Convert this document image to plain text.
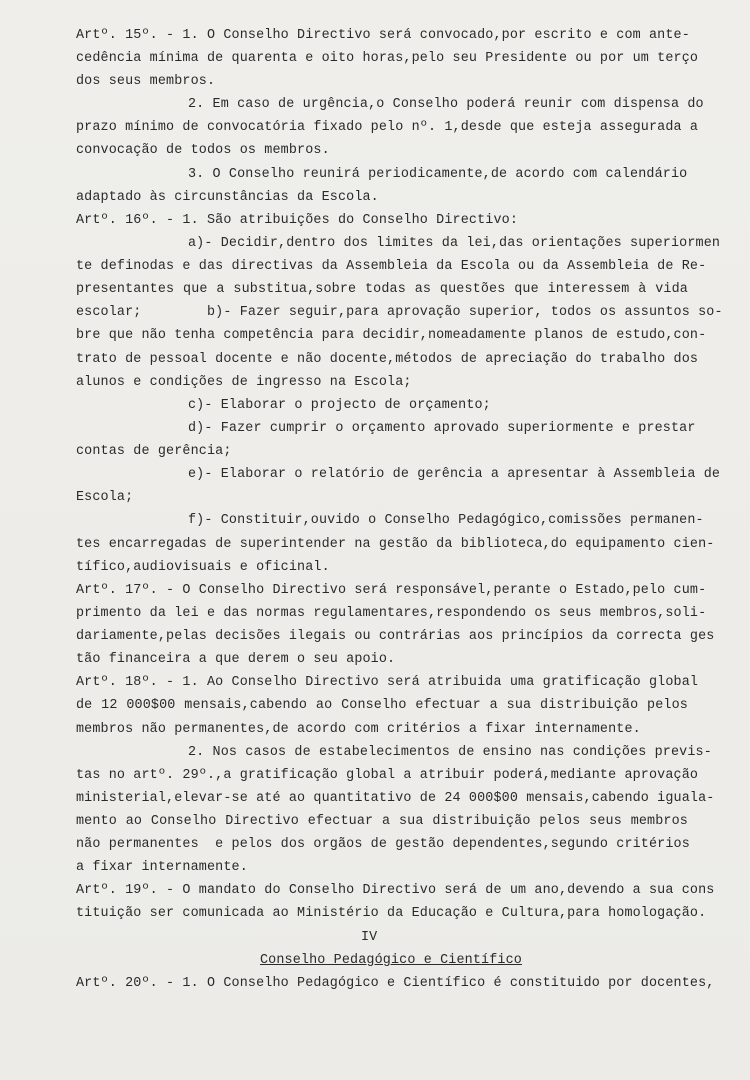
Artº. 15º. - 1. O Conselho Directivo será convocado,por escrito e com ante-
cedência mínima de quarenta e oito horas,pelo seu Presidente ou por um terço
dos seus membros.
2. Em caso de urgência,o Conselho poderá reunir com dispensa do
prazo mínimo de convocatória fixado pelo nº. 1,desde que esteja assegurada a
convocação de todos os membros.
3. O Conselho reunirá periodicamente,de acordo com calendário
adaptado às circunstâncias da Escola.
Artº. 16º. - 1. São atribuições do Conselho Directivo:
a)- Decidir,dentro dos limites da lei,das orientações superiormen
te definodas e das directivas da Assembleia da Escola ou da Assembleia de Re-
presentantes que a substitua,sobre todas as questões que interessem à vida
escolar;        b)- Fazer seguir,para aprovação superior, todos os assuntos so-
bre que não tenha competência para decidir,nomeadamente planos de estudo,con-
trato de pessoal docente e não docente,métodos de apreciação do trabalho dos
alunos e condições de ingresso na Escola;
c)- Elaborar o projecto de orçamento;
d)- Fazer cumprir o orçamento aprovado superiormente e prestar
contas de gerência;
e)- Elaborar o relatório de gerência a apresentar à Assembleia de
Escola;
f)- Constituir,ouvido o Conselho Pedagógico,comissões permanen-
tes encarregadas de superintender na gestão da biblioteca,do equipamento cien-
tífico,audiovisuais e oficinal.
Artº. 17º. - O Conselho Directivo será responsável,perante o Estado,pelo cum-
primento da lei e das normas regulamentares,respondendo os seus membros,soli-
dariamente,pelas decisões ilegais ou contrárias aos princípios da correcta ges
tão financeira a que derem o seu apoio.
Artº. 18º. - 1. Ao Conselho Directivo será atribuida uma gratificação global
de 12 000$00 mensais,cabendo ao Conselho efectuar a sua distribuição pelos
membros não permanentes,de acordo com critérios a fixar internamente.
2. Nos casos de estabelecimentos de ensino nas condições previs-
tas no artº. 29º.,a gratificação global a atribuir poderá,mediante aprovação
ministerial,elevar-se até ao quantitativo de 24 000$00 mensais,cabendo iguala-
mento ao Conselho Directivo efectuar a sua distribuição pelos seus membros
não permanentes  e pelos dos orgãos de gestão dependentes,segundo critérios
a fixar internamente.
Artº. 19º. - O mandato do Conselho Directivo será de um ano,devendo a sua cons
tituição ser comunicada ao Ministério da Educação e Cultura,para homologação.
IV
Conselho Pedagógico e Científico
Artº. 20º. - 1. O Conselho Pedagógico e Científico é constituido por docentes,
